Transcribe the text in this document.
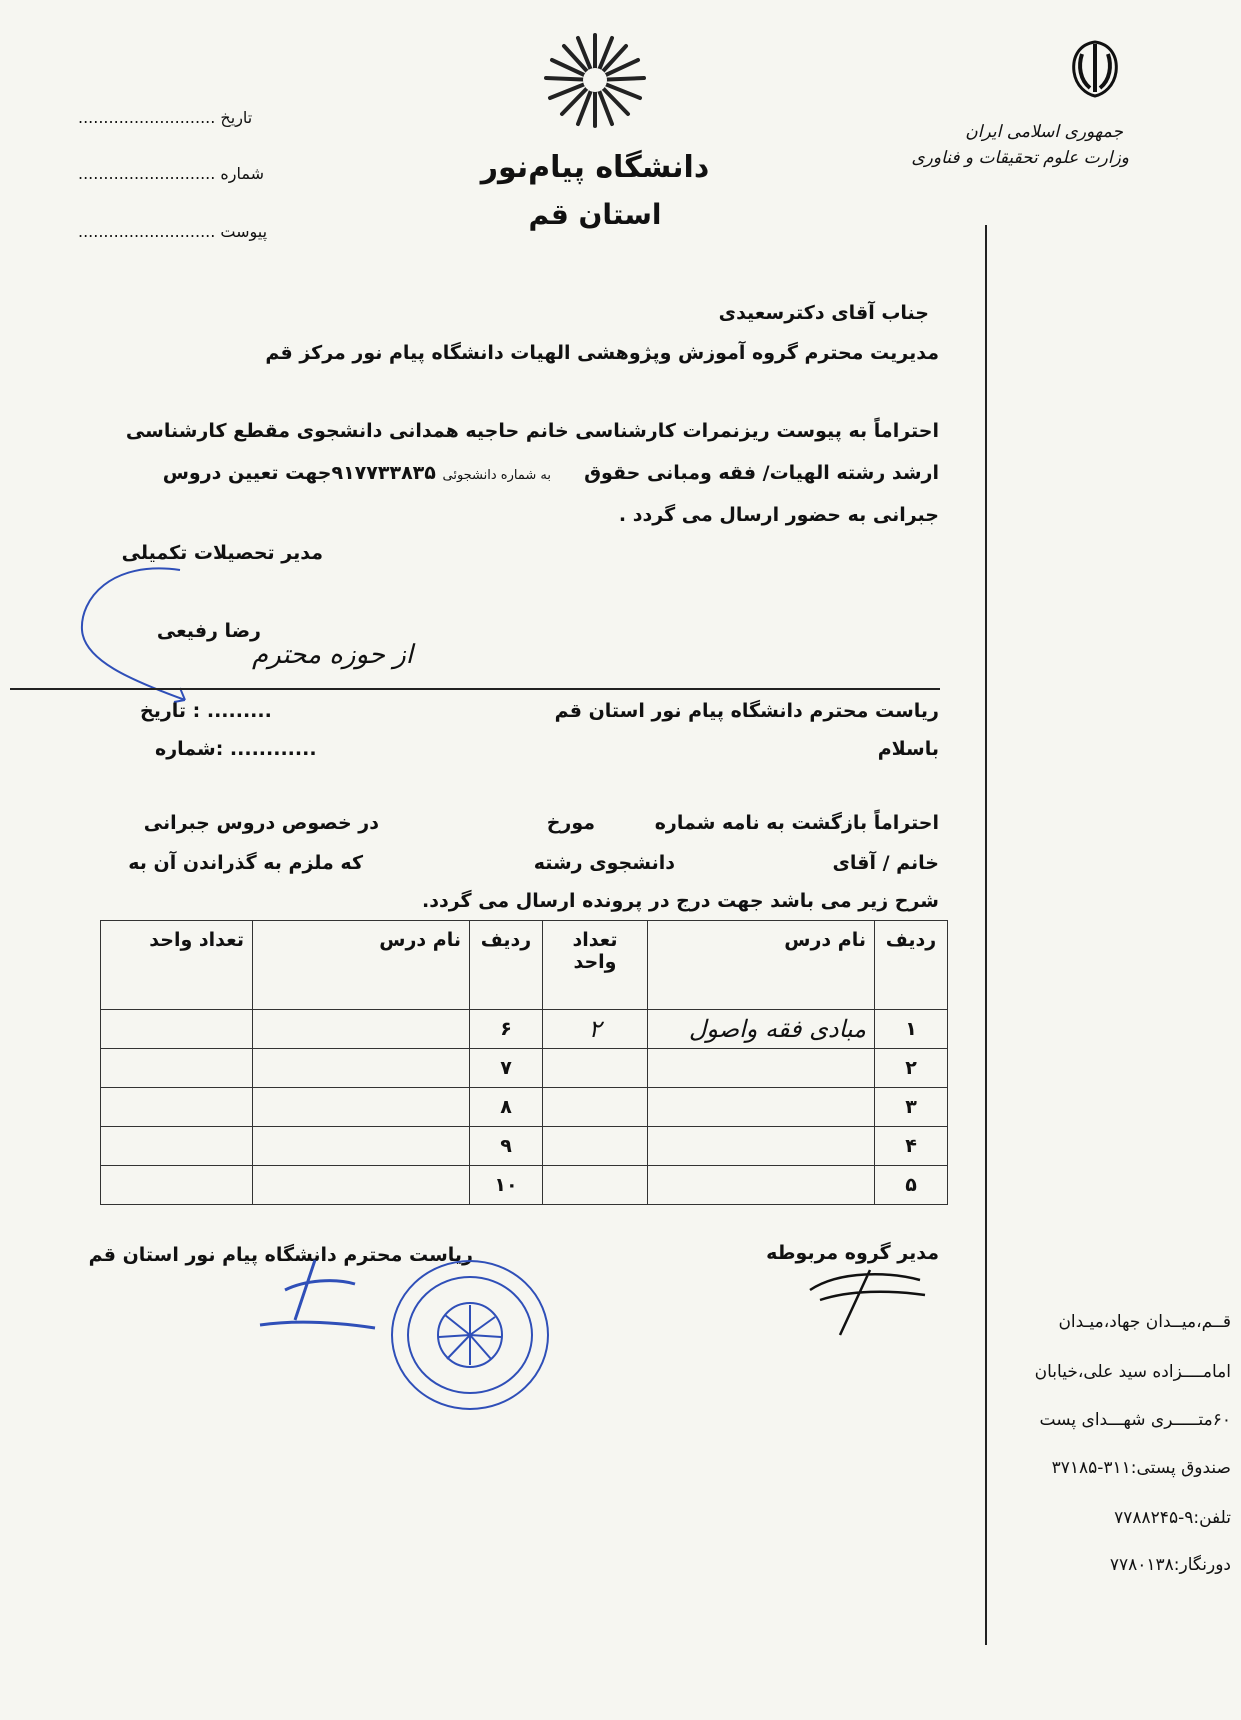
جمهوری اسلامی ایران
وزارت علوم تحقیقات و فناوری
دانشگاه پیام‌نور
استان قم
........................... تاریخ
........................... شماره
........................... پیوست
جناب آقای دکترسعیدی
مدیریت محترم گروه آموزش وپژوهشی الهیات دانشگاه پیام نور مرکز قم
احتراماً به پیوست ریزنمرات کارشناسی خانم حاجیه همدانی دانشجوی مقطع کارشناسی
ارشد رشته الهیات/ فقه ومبانی حقوق     به شماره دانشجوئی ۹۱۷۷۳۳۸۳۵جهت تعیین دروس
جبرانی به حضور ارسال می گردد .
مدیر تحصیلات تکمیلی
رضا رفیعی
از حوزه محترم
تاریخ : .........
شماره: ............
ریاست محترم دانشگاه پیام نور استان قم
باسلام
احتراماً بازگشت به نامه شماره
مورخ
در خصوص دروس جبرانی
خانم / آقای
دانشجوی رشته
که ملزم به گذراندن آن به
شرح زیر می باشد جهت درج در پرونده ارسال می گردد.
ردیف	نام درس	تعداد واحد	ردیف	نام درس	تعداد واحد
۱	مبادی فقه واصول	۲	۶		
۲			۷		
۳			۸		
۴			۹		
۵			۱۰		
مدیر گروه مربوطه
ریاست محترم دانشگاه پیام نور استان قم
قــم،میــدان جهاد،میـدان
امامــــزاده سید علی،خیابان
۶۰متـــــری شهـــدای پست
صندوق پستی:۳۱۱-۳۷۱۸۵
تلفن:۹-۷۷۸۸۲۴۵
دورنگار:۷۷۸۰۱۳۸
